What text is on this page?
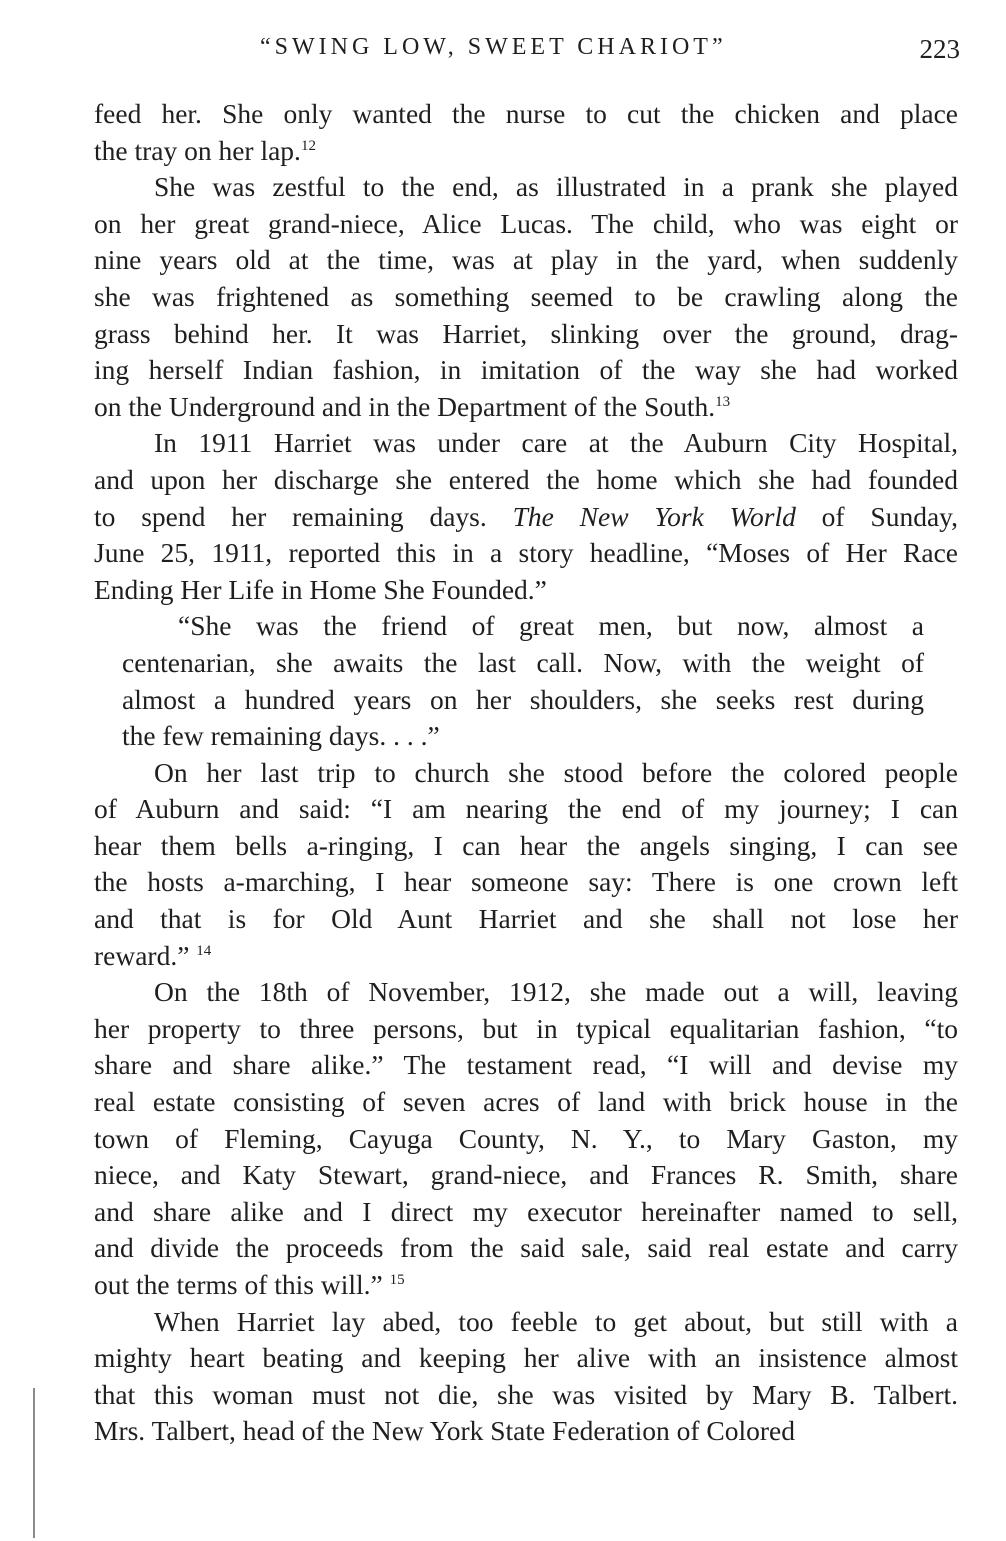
“SWING LOW, SWEET CHARIOT”	223
feed her. She only wanted the nurse to cut the chicken and place
the tray on her lap.$^{12}$
She was zestful to the end, as illustrated in a prank she played
on her great grand-niece, Alice Lucas. The child, who was eight or
nine years old at the time, was at play in the yard, when suddenly
she was frightened as something seemed to be crawling along the
grass behind her. It was Harriet, slinking over the ground, drag-
ing herself Indian fashion, in imitation of the way she had worked
on the Underground and in the Department of the South.$^{13}$
In 1911 Harriet was under care at the Auburn City Hospital,
and upon her discharge she entered the home which she had founded
to spend her remaining days. The New York World of Sunday,
June 25, 1911, reported this in a story headline, “Moses of Her Race
Ending Her Life in Home She Founded.”
“She was the friend of great men, but now, almost a
centenarian, she awaits the last call. Now, with the weight of
almost a hundred years on her shoulders, she seeks rest during
the few remaining days. . . .”
On her last trip to church she stood before the colored people
of Auburn and said: “I am nearing the end of my journey; I can
hear them bells a-ringing, I can hear the angels singing, I can see
the hosts a-marching, I hear someone say: There is one crown left
and that is for Old Aunt Harriet and she shall not lose her
reward.” $^{14}$
On the 18th of November, 1912, she made out a will, leaving
her property to three persons, but in typical equalitarian fashion, “to
share and share alike.” The testament read, “I will and devise my
real estate consisting of seven acres of land with brick house in the
town of Fleming, Cayuga County, N. Y., to Mary Gaston, my
niece, and Katy Stewart, grand-niece, and Frances R. Smith, share
and share alike and I direct my executor hereinafter named to sell,
and divide the proceeds from the said sale, said real estate and carry
out the terms of this will.” $^{15}$
When Harriet lay abed, too feeble to get about, but still with a
mighty heart beating and keeping her alive with an insistence almost
that this woman must not die, she was visited by Mary B. Talbert.
Mrs. Talbert, head of the New York State Federation of Colored
